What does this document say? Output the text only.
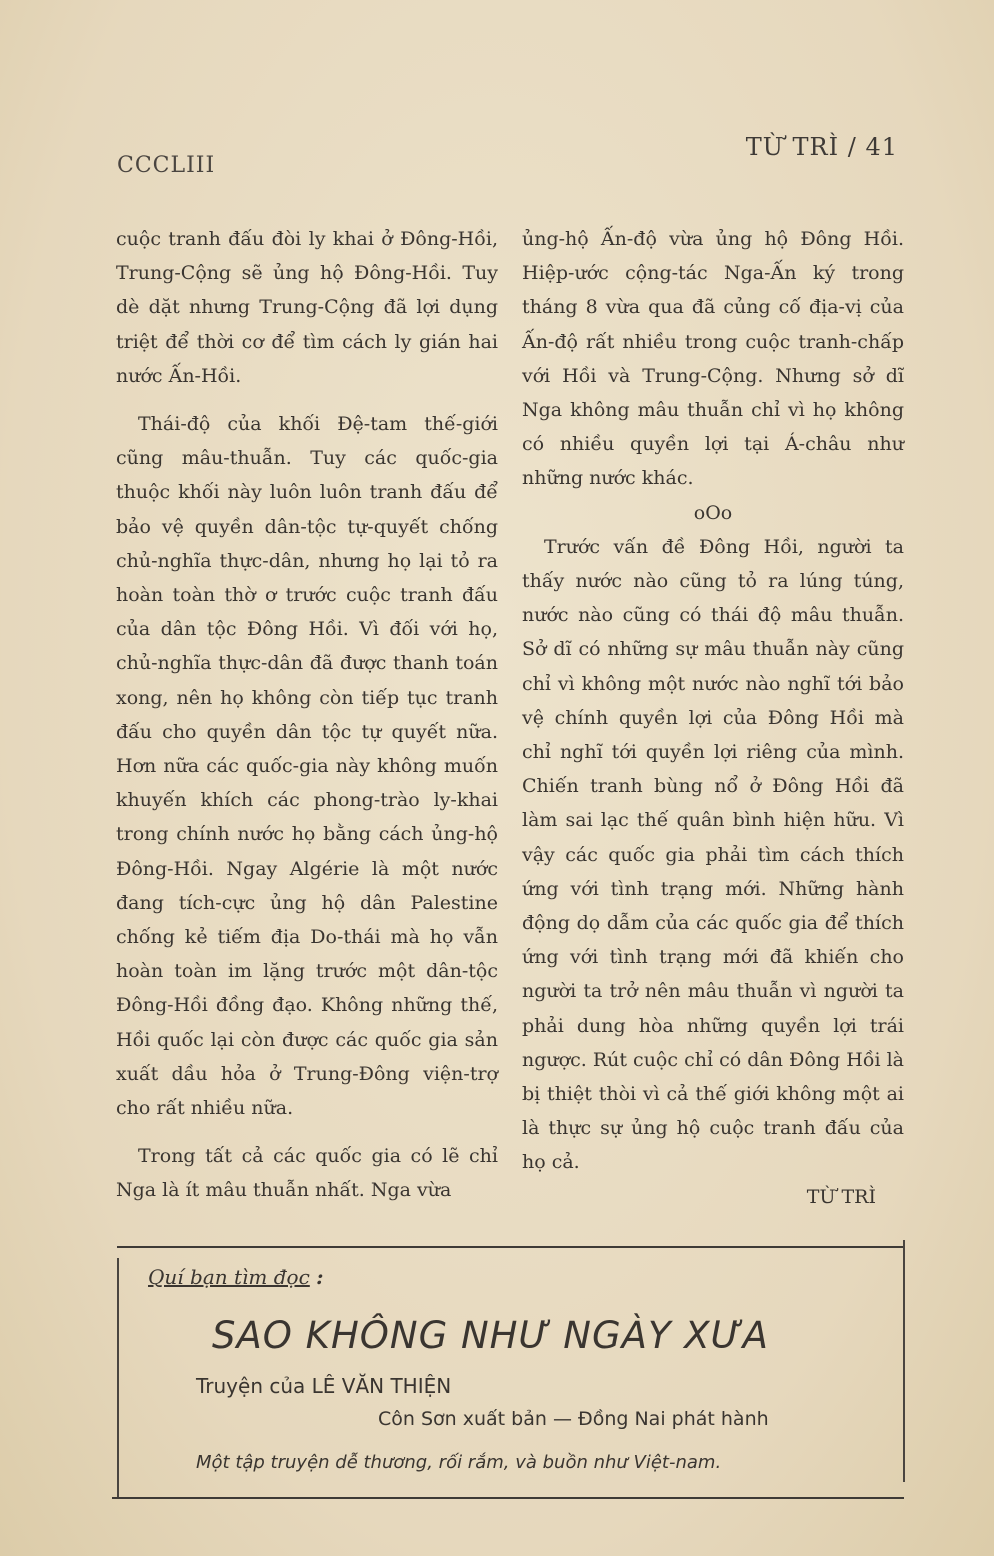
CCCLIII
TỪ TRÌ / 41

cuộc tranh đấu đòi ly khai ở Đông-Hồi, Trung-Cộng sẽ ủng hộ Đông-Hồi. Tuy dè dặt nhưng Trung-Cộng đã lợi dụng triệt để thời cơ để tìm cách ly gián hai nước Ấn-Hồi.

Thái-độ của khối Đệ-tam thế-giới cũng mâu-thuẫn. Tuy các quốc-gia thuộc khối này luôn luôn tranh đấu để bảo vệ quyền dân-tộc tự-quyết chống chủ-nghĩa thực-dân, nhưng họ lại tỏ ra hoàn toàn thờ ơ trước cuộc tranh đấu của dân tộc Đông Hồi. Vì đối với họ, chủ-nghĩa thực-dân đã được thanh toán xong, nên họ không còn tiếp tục tranh đấu cho quyền dân tộc tự quyết nữa. Hơn nữa các quốc-gia này không muốn khuyến khích các phong-trào ly-khai trong chính nước họ bằng cách ủng-hộ Đông-Hồi. Ngay Algérie là một nước đang tích-cực ủng hộ dân Palestine chống kẻ tiếm địa Do-thái mà họ vẫn hoàn toàn im lặng trước một dân-tộc Đông-Hồi đồng đạo. Không những thế, Hồi quốc lại còn được các quốc gia sản xuất dầu hỏa ở Trung-Đông viện-trợ cho rất nhiều nữa.

Trong tất cả các quốc gia có lẽ chỉ Nga là ít mâu thuẫn nhất. Nga vừa

ủng-hộ Ấn-độ vừa ủng hộ Đông Hồi. Hiệp-ước cộng-tác Nga-Ấn ký trong tháng 8 vừa qua đã củng cố địa-vị của Ấn-độ rất nhiều trong cuộc tranh-chấp với Hồi và Trung-Cộng. Nhưng sở dĩ Nga không mâu thuẫn chỉ vì họ không có nhiều quyền lợi tại Á-châu như những nước khác.

oOo

Trước vấn đề Đông Hồi, người ta thấy nước nào cũng tỏ ra lúng túng, nước nào cũng có thái độ mâu thuẫn. Sở dĩ có những sự mâu thuẫn này cũng chỉ vì không một nước nào nghĩ tới bảo vệ chính quyền lợi của Đông Hồi mà chỉ nghĩ tới quyền lợi riêng của mình. Chiến tranh bùng nổ ở Đông Hồi đã làm sai lạc thế quân bình hiện hữu. Vì vậy các quốc gia phải tìm cách thích ứng với tình trạng mới. Những hành động dọ dẫm của các quốc gia để thích ứng với tình trạng mới đã khiến cho người ta trở nên mâu thuẫn vì người ta phải dung hòa những quyền lợi trái ngược. Rút cuộc chỉ có dân Đông Hồi là bị thiệt thòi vì cả thế giới không một ai là thực sự ủng hộ cuộc tranh đấu của họ cả.

TỪ TRÌ

Quí bạn tìm đọc :
SAO KHÔNG NHƯ NGÀY XƯA
Truyện của LÊ VĂN THIỆN
Côn Sơn xuất bản — Đồng Nai phát hành
Một tập truyện dễ thương, rối rắm, và buồn như Việt-nam.
